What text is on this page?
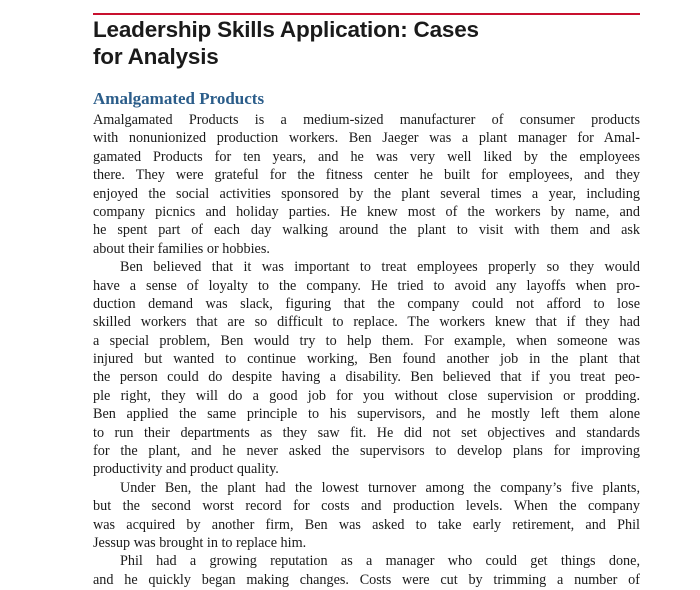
Leadership Skills Application: Cases
for Analysis
Amalgamated Products
Amalgamated Products is a medium-sized manufacturer of consumer products
with nonunionized production workers. Ben Jaeger was a plant manager for Amal-
gamated Products for ten years, and he was very well liked by the employees
there. They were grateful for the fitness center he built for employees, and they
enjoyed the social activities sponsored by the plant several times a year, including
company picnics and holiday parties. He knew most of the workers by name, and
he spent part of each day walking around the plant to visit with them and ask
about their families or hobbies.
Ben believed that it was important to treat employees properly so they would
have a sense of loyalty to the company. He tried to avoid any layoffs when pro-
duction demand was slack, figuring that the company could not afford to lose
skilled workers that are so difficult to replace. The workers knew that if they had
a special problem, Ben would try to help them. For example, when someone was
injured but wanted to continue working, Ben found another job in the plant that
the person could do despite having a disability. Ben believed that if you treat peo-
ple right, they will do a good job for you without close supervision or prodding.
Ben applied the same principle to his supervisors, and he mostly left them alone
to run their departments as they saw fit. He did not set objectives and standards
for the plant, and he never asked the supervisors to develop plans for improving
productivity and product quality.
Under Ben, the plant had the lowest turnover among the company’s five plants,
but the second worst record for costs and production levels. When the company
was acquired by another firm, Ben was asked to take early retirement, and Phil
Jessup was brought in to replace him.
Phil had a growing reputation as a manager who could get things done,
and he quickly began making changes. Costs were cut by trimming a number of
